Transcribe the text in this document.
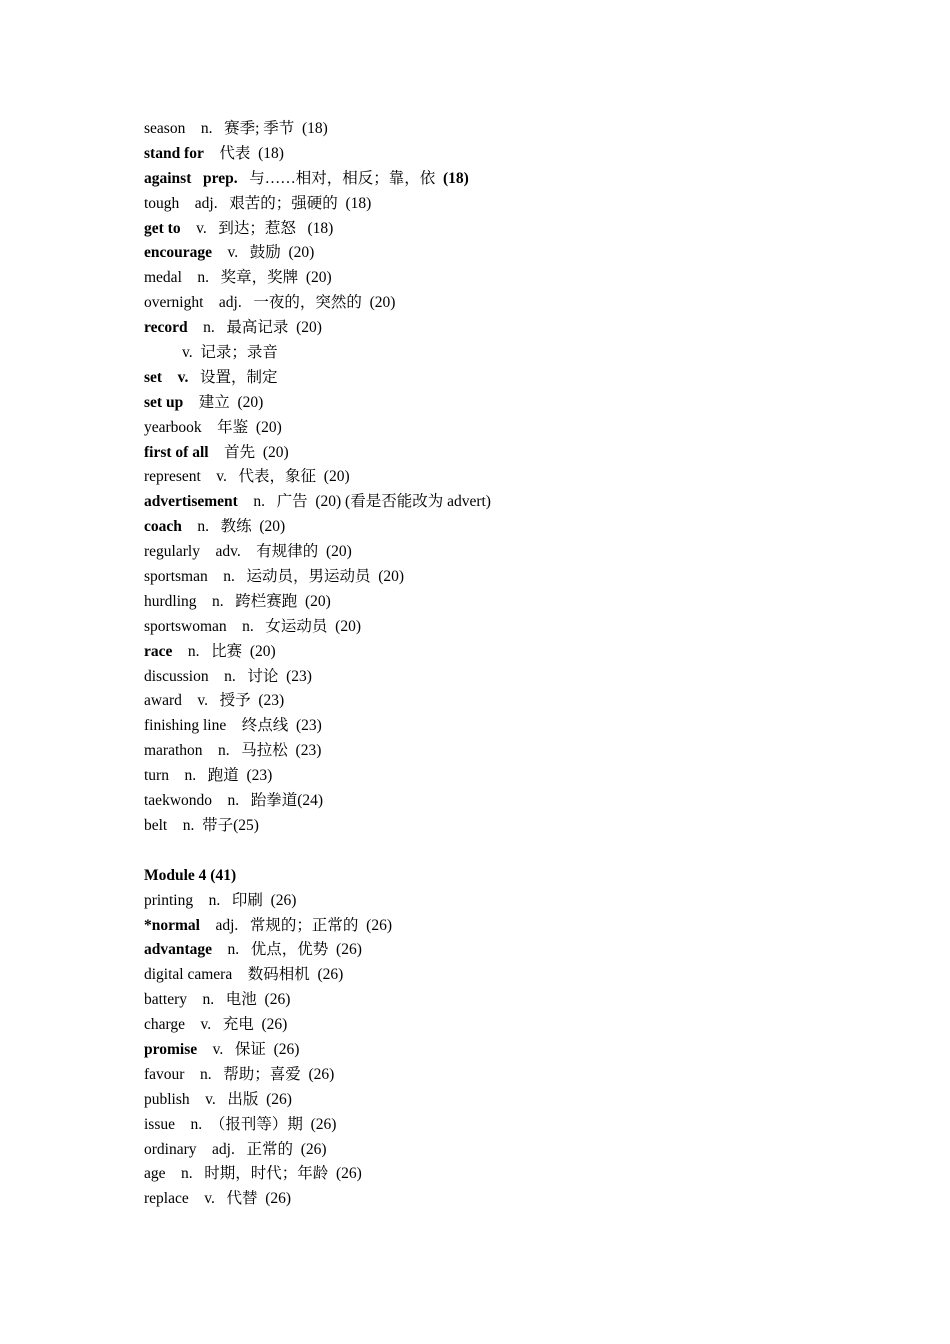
season    n.   赛季; 季节  (18)
stand for    代表  (18)
against   prep.   与……相对，相反；靠，依  (18)
tough    adj.   艰苦的；强硬的  (18)
get to    v.   到达；惹怒   (18)
encourage    v.   鼓励  (20)
medal    n.   奖章，奖牌  (20)
overnight    adj.   一夜的，突然的  (20)
record    n.   最高记录  (20)
v.  记录；录音
set    v.   设置，制定
set up    建立  (20)
yearbook    年鉴  (20)
first of all    首先  (20)
represent    v.   代表，象征  (20)
advertisement    n.   广告  (20) (看是否能改为 advert)
coach    n.   教练  (20)
regularly    adv.    有规律的  (20)
sportsman    n.   运动员，男运动员  (20)
hurdling    n.   跨栏赛跑  (20)
sportswoman    n.   女运动员  (20)
race    n.   比赛  (20)
discussion    n.   讨论  (23)
award    v.   授予  (23)
finishing line    终点线  (23)
marathon    n.   马拉松  (23)
turn    n.   跑道  (23)
taekwondo    n.   跆拳道(24)
belt    n.  带子(25)
Module 4 (41)
printing    n.   印刷  (26)
*normal    adj.   常规的；正常的  (26)
advantage    n.   优点，优势  (26)
digital camera    数码相机  (26)
battery    n.   电池  (26)
charge    v.   充电  (26)
promise    v.   保证  (26)
favour    n.   帮助；喜爱  (26)
publish    v.   出版  (26)
issue    n.  （报刊等）期  (26)
ordinary    adj.   正常的  (26)
age    n.   时期，时代；年龄  (26)
replace    v.   代替  (26)
